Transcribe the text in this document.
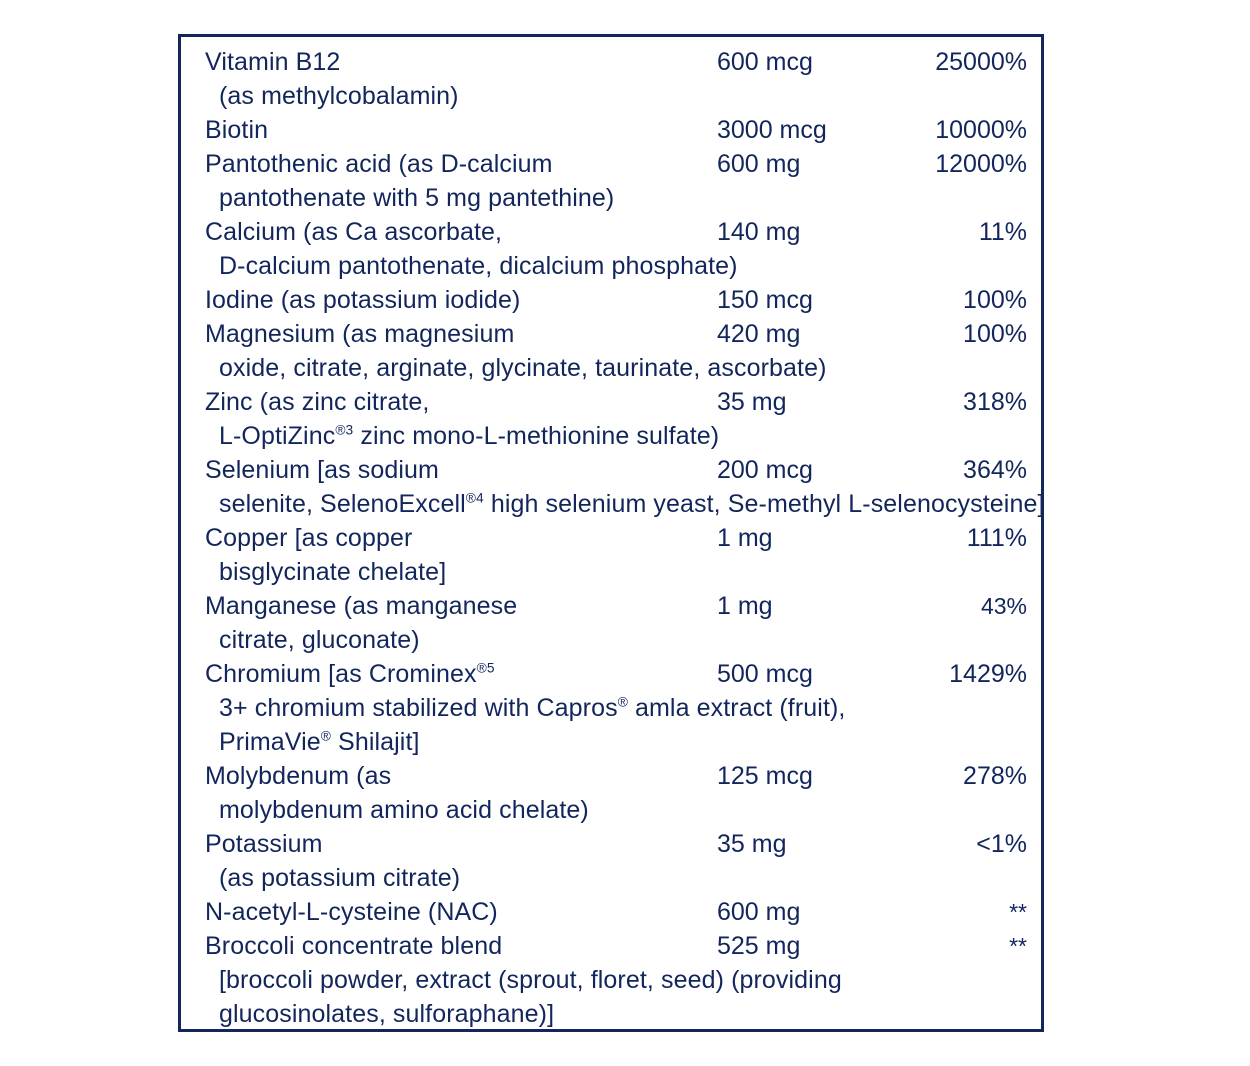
Vitamin B12	600 mcg	25000%
(as methylcobalamin)
Biotin	3000 mcg	10000%
Pantothenic acid (as D-calcium	600 mg	12000%
pantothenate with 5 mg pantethine)
Calcium (as Ca ascorbate,	140 mg	11%
D-calcium pantothenate, dicalcium phosphate)
Iodine (as potassium iodide)	150 mcg	100%
Magnesium (as magnesium	420 mg	100%
oxide, citrate, arginate, glycinate, taurinate, ascorbate)
Zinc (as zinc citrate,	35 mg	318%
L-OptiZinc$^{®3}$ zinc mono-L-methionine sulfate)
Selenium [as sodium	200 mcg	364%
selenite, SelenoExcell$^{®4}$ high selenium yeast, Se-methyl L-selenocysteine]
Copper [as copper	1 mg	111%
bisglycinate chelate]
Manganese (as manganese	1 mg	43%
citrate, gluconate)
Chromium [as Crominex$^{®5}$	500 mcg	1429%
3+ chromium stabilized with Capros® amla extract (fruit),
PrimaVie® Shilajit]
Molybdenum (as	125 mcg	278%
molybdenum amino acid chelate)
Potassium	35 mg	<1%
(as potassium citrate)
N-acetyl-L-cysteine (NAC)	600 mg	**
Broccoli concentrate blend	525 mg	**
[broccoli powder, extract (sprout, floret, seed) (providing
glucosinolates, sulforaphane)]
